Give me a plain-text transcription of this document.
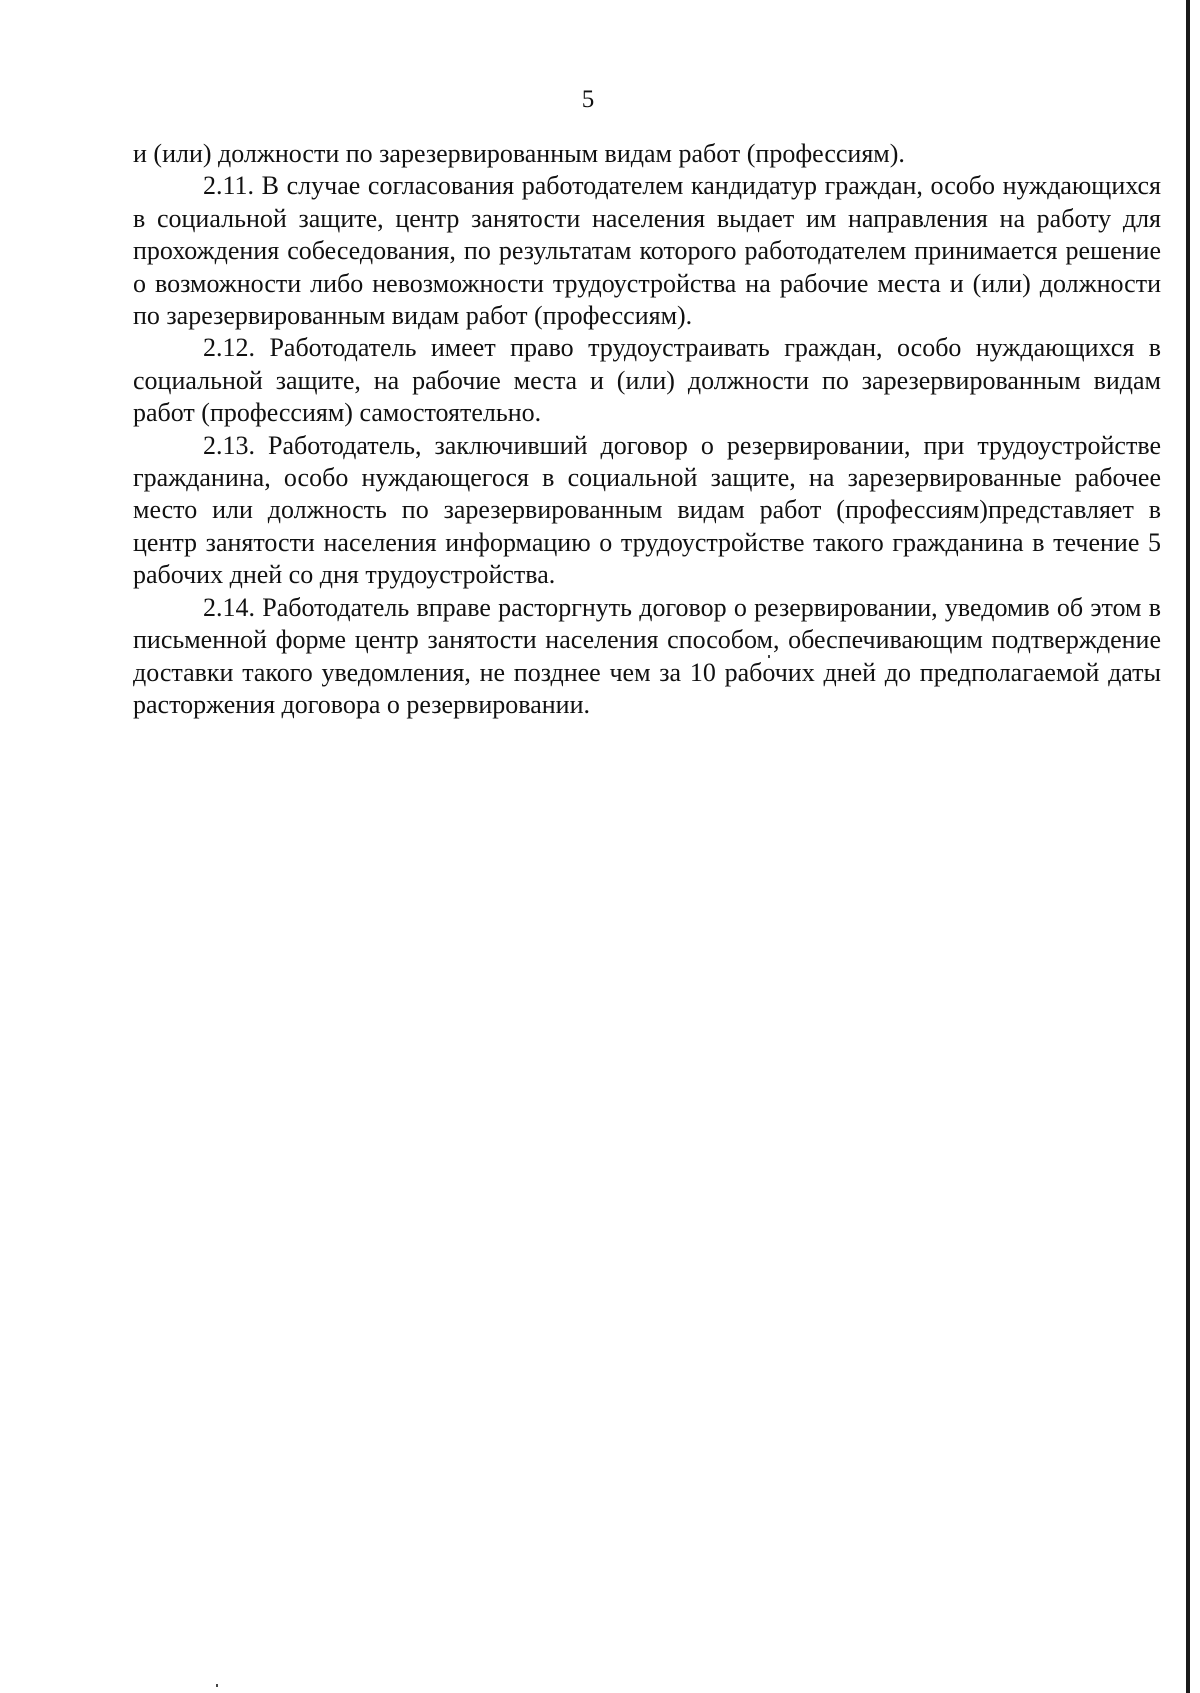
5

и (или) должности по зарезервированным видам работ (профессиям).

2.11. В случае согласования работодателем кандидатур граждан, особо нуждающихся в социальной защите, центр занятости населения выдает им направления на работу для прохождения собеседования, по результатам которого работодателем принимается решение о возможности либо невозможности трудоустройства на рабочие места и (или) должности по зарезервированным видам работ (профессиям).

2.12. Работодатель имеет право трудоустраивать граждан, особо нуждающихся в социальной защите, на рабочие места и (или) должности по зарезервированным видам работ (профессиям) самостоятельно.

2.13. Работодатель, заключивший договор о резервировании, при трудоустройстве гражданина, особо нуждающегося в социальной защите, на зарезервированные рабочее место или должность по зарезервированным видам работ (профессиям)представляет в центр занятости населения информацию о трудоустройстве такого гражданина в течение 5 рабочих дней со дня трудоустройства.

2.14. Работодатель вправе расторгнуть договор о резервировании, уведомив об этом в письменной форме центр занятости населения способом, обеспечивающим подтверждение доставки такого уведомления, не позднее чем за 10 рабочих дней до предполагаемой даты расторжения договора о резервировании.
